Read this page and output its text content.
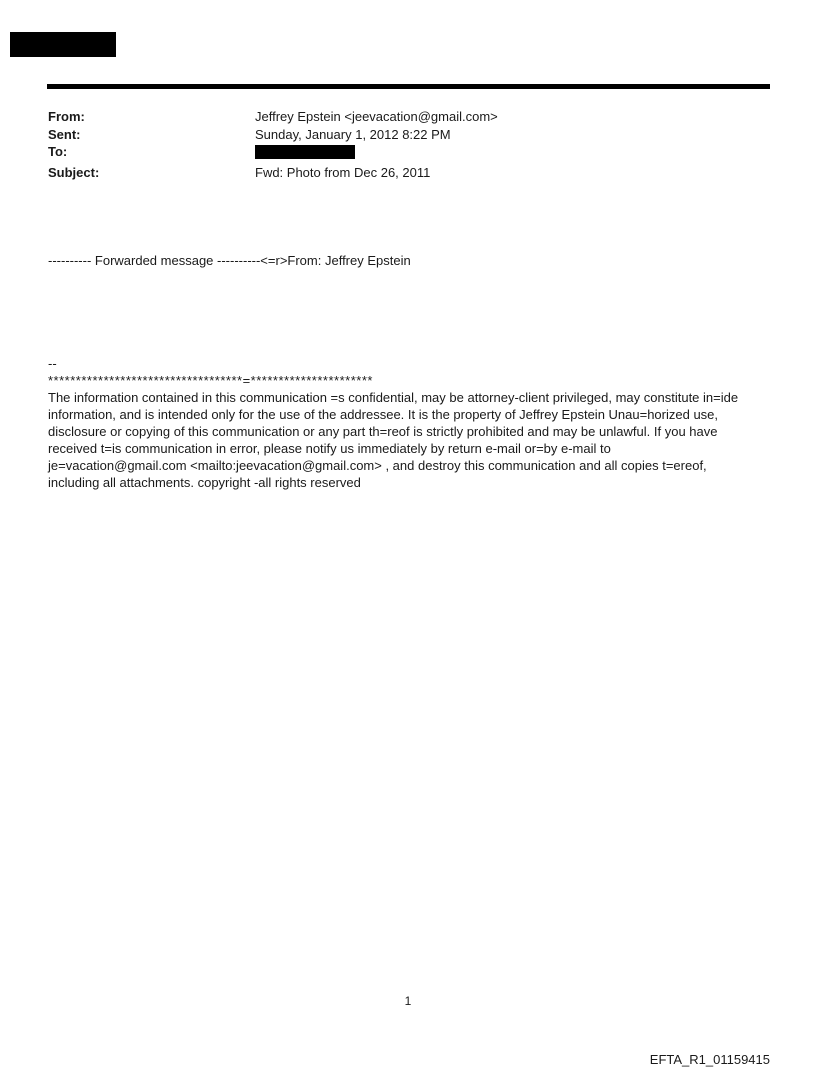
From:	Jeffrey Epstein <jeevacation@gmail.com>
Sent:	Sunday, January 1, 2012 8:22 PM
To:
Subject:	Fwd: Photo from Dec 26, 2011
---------- Forwarded message ----------<=r>From: Jeffrey Epstein
--
***********************************=**********************
The information contained in this communication =s confidential, may be attorney-client privileged, may constitute in=ide information, and is intended only for the use of the addressee. It is the property of Jeffrey Epstein Unau=horized use, disclosure or copying of this communication or any part th=reof is strictly prohibited and may be unlawful. If you have received t=is communication in error, please notify us immediately by return e-mail or=by e-mail to je=vacation@gmail.com <mailto:jeevacation@gmail.com> , and destroy this communication and all copies t=ereof, including all attachments. copyright -all rights reserved
1
EFTA_R1_01159415
